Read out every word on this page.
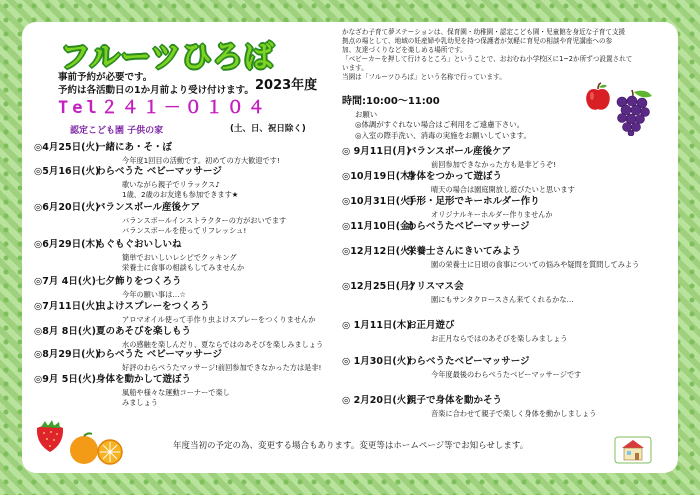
フルーツひろば
事前予約が必要です。
予約は各活動日の1か月前より受け付けます。 2023年度
Tel２４１－０１０４
認定こども園 子供の家	(土、日、祝日除く)
◎4月25日(火)
一緒にあ・そ・ぼ
今年度1回目の活動です。初めての方大歓迎です!
◎5月16日(火)
わらべうた ベビーマッサージ
歌いながら親子でリラックス♪
1歳、2歳のお友達も参加できます★
◎6月20日(火)
バランスボール産後ケア
バランスボールインストラクターの方がおいでます
バランスボールを使ってリフレッシュ!
◎6月29日(木)
もぐもぐおいしいね
簡単でおいしいレシピでクッキング
栄養士に食事の相談もしてみませんか
◎7月 4日(火) 七夕飾りをつくろう
今年の願い事は…☆
◎7月11日(火)
虫よけスプレーをつくろう
アロマオイル使って手作り虫よけスプレーをつくりませんか
◎8月 8日(火) 夏のあそびを楽しもう
水の感触を楽しんだり、夏ならではのあそびを楽しみましょう
◎8月29日(火)
わらべうた ベビーマッサージ
好評のわらべうたマッサージ!前回参加できなかった方は是非!
◎9月 5日(火) 身体を動かして遊ぼう
風船や様々な運動コーナーで楽し
みましょう
かなざわ子育て夢ステーションは、保育園・幼稚園・認定こども園・児童館を身近な子育て支援
拠点の場として、地域の妊産婦や乳幼児を持つ保護者が気軽に育児の相談や育児講座への参
加、友達づくりなどを楽しめる場所です。
「ベビーカーを押して行けるところ」ということで、おおむね小学校区に1~2か所ずつ設置されて
います。
当園は「フルーツひろば」という名称で行っています。
時間:10:00～11:00
お願い
◎体調がすぐれない場合はご利用をご遠慮下さい。
◎入室の際手洗い、消毒の実施をお願いしています。
◎ 9月11日(月)
バランスボール産後ケア
前回参加できなかった方も是非どうぞ!
◎10月19日(木)
身体をつかって遊ぼう
晴天の場合は園庭開放し遊びたいと思います
◎10月31日(火)
手形・足形でキーホルダー作り
オリジナルキーホルダー作りませんか
◎11月10日(金)
わらべうたベビーマッサージ
◎12月12日(火)
栄養士さんにきいてみよう
園の栄養士に日頃の食事についての悩みや疑問を質問してみよう
◎12月25日(月)
クリスマス会
園にもサンタクロースさん来てくれるかな…
◎ 1月11日(木)
お正月遊び
お正月ならではのあそびを楽しみましょう
◎ 1月30日(火)
わらべうたベビーマッサージ
今年度最後のわらべうたベビーマッサージです
◎ 2月20日(火)
親子で身体を動かそう
音楽に合わせて親子で楽しく身体を動かしましょう
年度当初の予定の為、変更する場合もあります。変更等はホームページ等でお知らせします。
